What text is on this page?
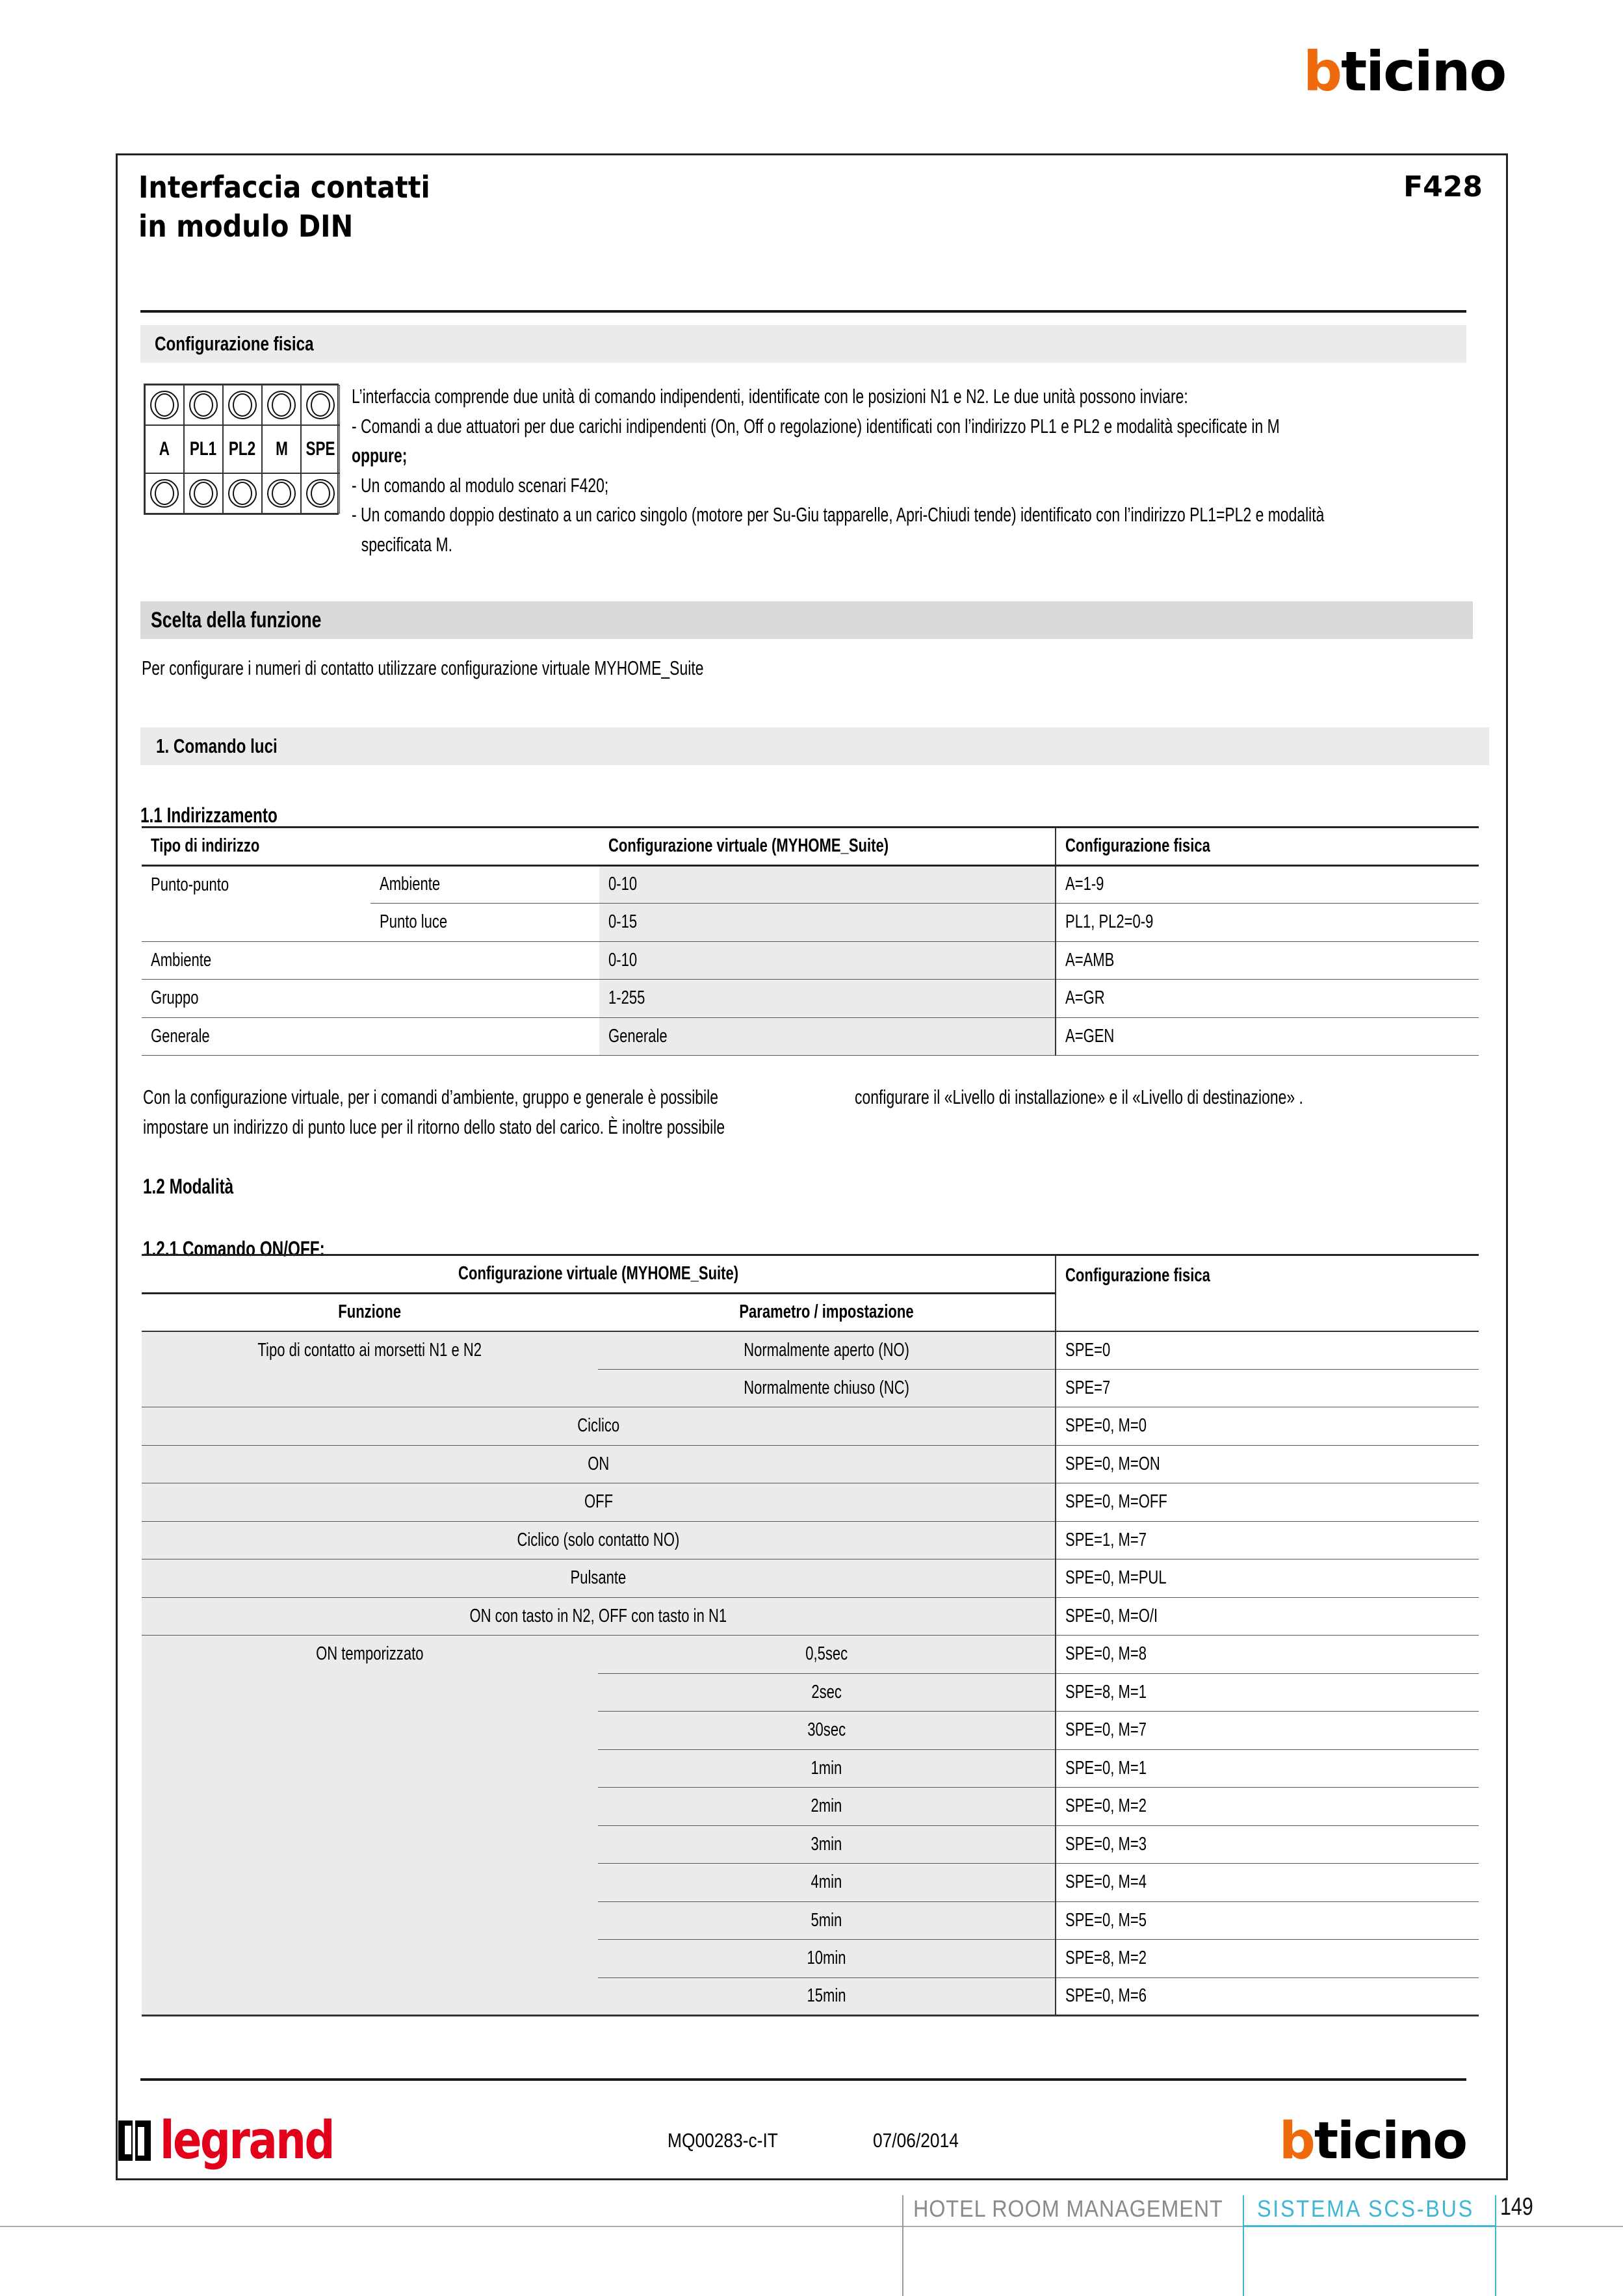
bticino
Interfaccia contatti
in modulo DIN
F428
Configurazione fisica
A PL1 PL2 M SPE
L’interfaccia comprende due unità di comando indipendenti, identificate con le posizioni N1 e N2. Le due unità possono inviare:
- Comandi a due attuatori per due carichi indipendenti (On, Off o regolazione) identificati con l’indirizzo PL1 e PL2 e modalità specificate in M
oppure;
- Un comando al modulo scenari F420;
- Un comando doppio destinato a un carico singolo (motore per Su-Giu tapparelle, Apri-Chiudi tende) identificato con l’indirizzo PL1=PL2 e modalità
specificata M.
Scelta della funzione
Per configurare i numeri di contatto utilizzare configurazione virtuale MYHOME_Suite
1. Comando luci
1.1 Indirizzamento
Tipo di indirizzo		Configurazione virtuale (MYHOME_Suite)	Configurazione fisica
Punto-punto	Ambiente	0-10	A=1-9
	Punto luce	0-15	PL1, PL2=0-9
Ambiente		0-10	A=AMB
Gruppo		1-255	A=GR
Generale		Generale	A=GEN
Con la configurazione virtuale, per i comandi d’ambiente, gruppo e generale è possibile
impostare un indirizzo di punto luce per il ritorno dello stato del carico. È inoltre possibile
configurare il «Livello di installazione» e il «Livello di destinazione» .
1.2 Modalità
1.2.1 Comando ON/OFF:
Configurazione virtuale (MYHOME_Suite)		Configurazione fisica
Funzione	Parametro / impostazione	
Tipo di contatto ai morsetti N1 e N2	Normalmente aperto (NO)	SPE=0
	Normalmente chiuso (NC)	SPE=7
Ciclico		SPE=0, M=0
ON		SPE=0, M=ON
OFF		SPE=0, M=OFF
Ciclico (solo contatto NO)		SPE=1, M=7
Pulsante		SPE=0, M=PUL
ON con tasto in N2, OFF con tasto in N1		SPE=0, M=O/I
ON temporizzato	0,5sec	SPE=0, M=8
	2sec	SPE=8, M=1
	30sec	SPE=0, M=7
	1min	SPE=0, M=1
	2min	SPE=0, M=2
	3min	SPE=0, M=3
	4min	SPE=0, M=4
	5min	SPE=0, M=5
	10min	SPE=8, M=2
	15min	SPE=0, M=6
legrand	MQ00283-c-IT	07/06/2014	bticino
HOTEL ROOM MANAGEMENT SISTEMA SCS-BUS 149
